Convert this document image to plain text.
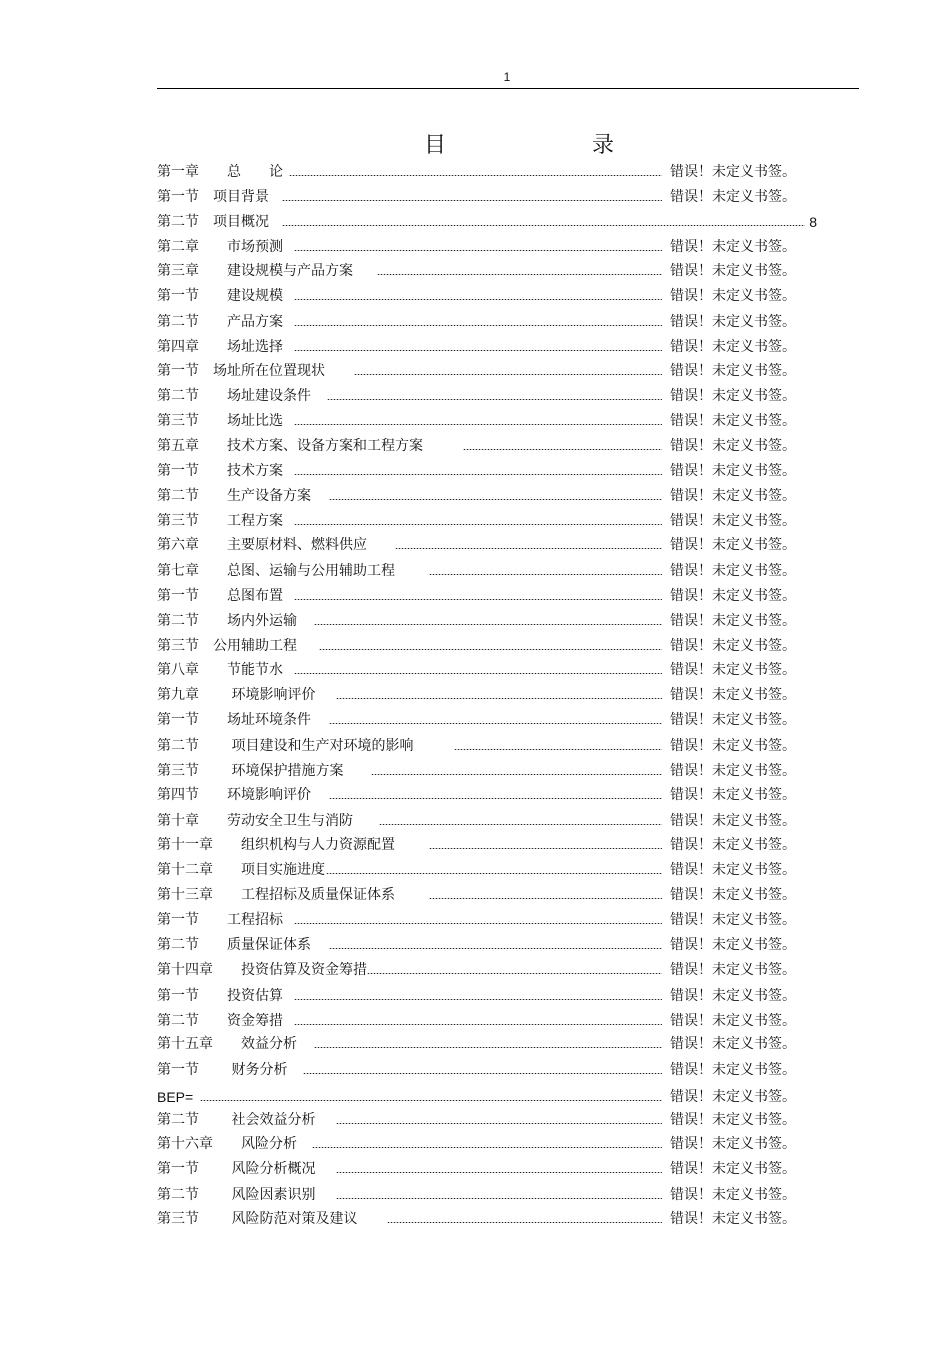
1
目　　录
第一章　　总　　论	错误！未定义书签。
第一节　项目背景	错误！未定义书签。
第二节　项目概况	8
第二章　　市场预测	错误！未定义书签。
第三章　　建设规模与产品方案	错误！未定义书签。
第一节　　建设规模	错误！未定义书签。
第二节　　产品方案	错误！未定义书签。
第四章　　场址选择	错误！未定义书签。
第一节　场址所在位置现状	错误！未定义书签。
第二节　　场址建设条件	错误！未定义书签。
第三节　　场址比选	错误！未定义书签。
第五章　　技术方案、设备方案和工程方案	错误！未定义书签。
第一节　　技术方案	错误！未定义书签。
第二节　　生产设备方案	错误！未定义书签。
第三节　　工程方案	错误！未定义书签。
第六章　　主要原材料、燃料供应	错误！未定义书签。
第七章　　总图、运输与公用辅助工程	错误！未定义书签。
第一节　　总图布置	错误！未定义书签。
第二节　　场内外运输	错误！未定义书签。
第三节　公用辅助工程	错误！未定义书签。
第八章　　节能节水	错误！未定义书签。
第九章　　 环境影响评价	错误！未定义书签。
第一节　　场址环境条件	错误！未定义书签。
第二节　　 项目建设和生产对环境的影响	错误！未定义书签。
第三节　　 环境保护措施方案	错误！未定义书签。
第四节　　环境影响评价	错误！未定义书签。
第十章　　劳动安全卫生与消防	错误！未定义书签。
第十一章　　组织机构与人力资源配置	错误！未定义书签。
第十二章　　项目实施进度	错误！未定义书签。
第十三章　　工程招标及质量保证体系	错误！未定义书签。
第一节　　工程招标	错误！未定义书签。
第二节　　质量保证体系	错误！未定义书签。
第十四章　　投资估算及资金筹措	错误！未定义书签。
第一节　　投资估算	错误！未定义书签。
第二节　　资金筹措	错误！未定义书签。
第十五章　　效益分析	错误！未定义书签。
第一节　　 财务分析	错误！未定义书签。
BEP=	错误！未定义书签。
第二节　　 社会效益分析	错误！未定义书签。
第十六章　　风险分析	错误！未定义书签。
第一节　　 风险分析概况	错误！未定义书签。
第二节　　 风险因素识别	错误！未定义书签。
第三节　　 风险防范对策及建议	错误！未定义书签。
